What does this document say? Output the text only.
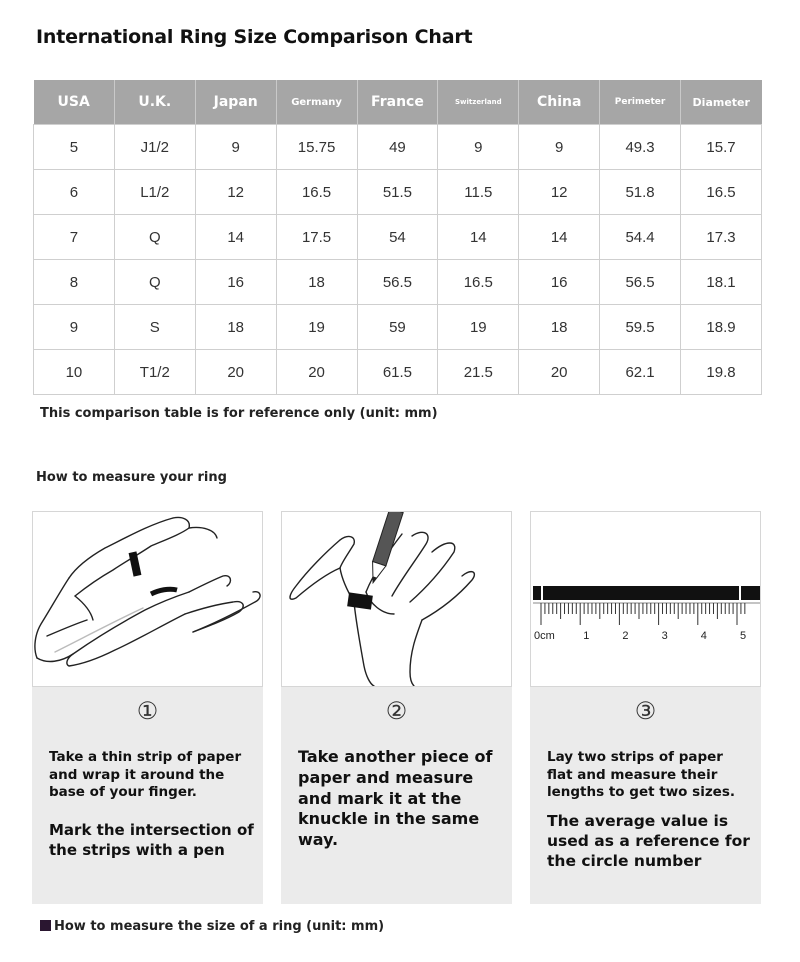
International Ring Size Comparison Chart
USA	U.K.	Japan	Germany	France	Switzerland	China	Perimeter	Diameter
5	J1/2	9	15.75	49	9	9	49.3	15.7
6	L1/2	12	16.5	51.5	11.5	12	51.8	16.5
7	Q	14	17.5	54	14	14	54.4	17.3
8	Q	16	18	56.5	16.5	16	56.5	18.1
9	S	18	19	59	19	18	59.5	18.9
10	T1/2	20	20	61.5	21.5	20	62.1	19.8
This comparison table is for reference only (unit: mm)
How to measure your ring
①
Take a thin strip of paper and wrap it around the base of your finger.
Mark the intersection of the strips with a pen
②
Take another piece of paper and measure and mark it at the knuckle in the same way.
0cm	1	2	3	4	5
③
Lay two strips of paper flat and measure their lengths to get two sizes.
The average value is used as a reference for the circle number
How to measure the size of a ring (unit: mm)
